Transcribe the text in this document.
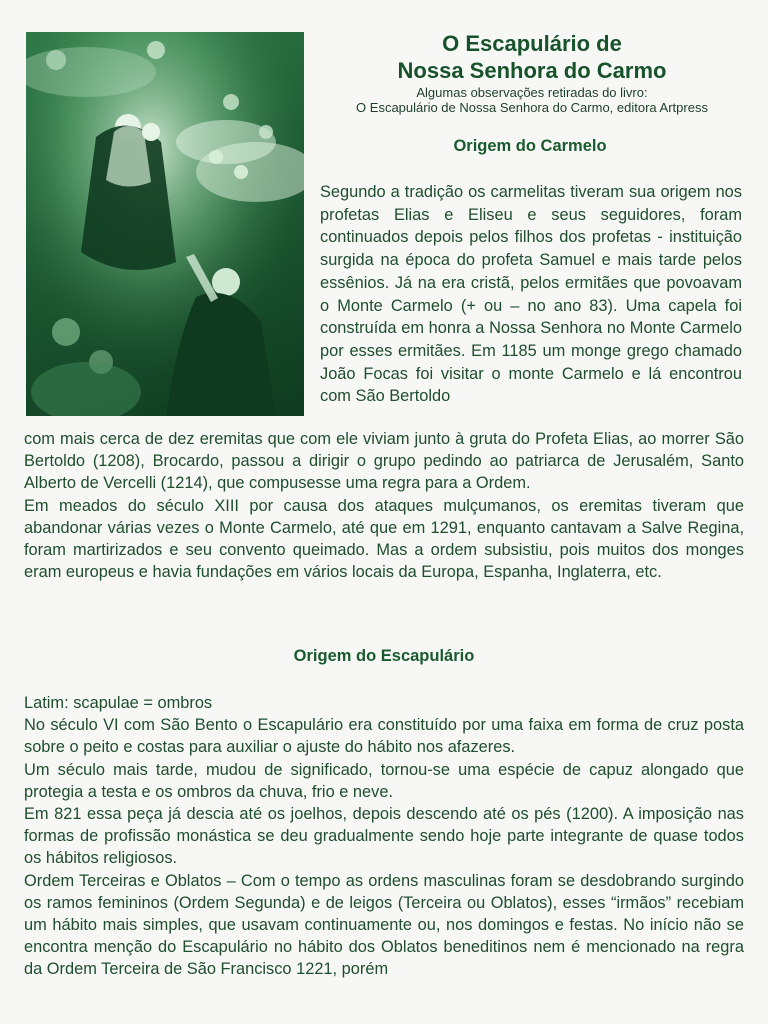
O Escapulário de
Nossa Senhora do Carmo
Algumas observações retiradas do livro:
O Escapulário de Nossa Senhora do Carmo, editora Artpress
Origem do Carmelo

Segundo a tradição os carmelitas tiveram sua origem nos profetas Elias e Eliseu e seus seguidores, foram continuados depois pelos filhos dos profetas - instituição surgida na época do profeta Samuel e mais tarde pelos essênios. Já na era cristã, pelos ermitães que povoavam o Monte Carmelo (+ ou – no ano 83). Uma capela foi construída em honra a Nossa Senhora no Monte Carmelo por esses ermitães. Em 1185 um monge grego chamado João Focas foi visitar o monte Carmelo e lá encontrou com São Bertoldo

com mais cerca de dez eremitas que com ele viviam junto à gruta do Profeta Elias, ao morrer São Bertoldo (1208), Brocardo, passou a dirigir o grupo pedindo ao patriarca de Jerusalém, Santo Alberto de Vercelli (1214), que compusesse uma regra para a Ordem.

Em meados do século XIII por causa dos ataques mulçumanos, os eremitas tiveram que abandonar várias vezes o Monte Carmelo, até que em 1291, enquanto cantavam a Salve Regina, foram martirizados e seu convento queimado. Mas a ordem subsistiu, pois muitos dos monges eram europeus e havia fundações em vários locais da Europa, Espanha, Inglaterra, etc.

Origem do Escapulário

Latim: scapulae = ombros

No século VI com São Bento o Escapulário era constituído por uma faixa em forma de cruz posta sobre o peito e costas para auxiliar o ajuste do hábito nos afazeres.

Um século mais tarde, mudou de significado, tornou-se uma espécie de capuz alongado que protegia a testa e os ombros da chuva, frio e neve.

Em 821 essa peça já descia até os joelhos, depois descendo até os pés (1200). A imposição nas formas de profissão monástica se deu gradualmente sendo hoje parte integrante de quase todos os hábitos religiosos.

Ordem Terceiras e Oblatos – Com o tempo as ordens masculinas foram se desdobrando surgindo os ramos femininos (Ordem Segunda) e de leigos (Terceira ou Oblatos), esses “irmãos” recebiam um hábito mais simples, que usavam continuamente ou, nos domingos e festas. No início não se encontra menção do Escapulário no hábito dos Oblatos beneditinos nem é mencionado na regra da Ordem Terceira de São Francisco 1221, porém
